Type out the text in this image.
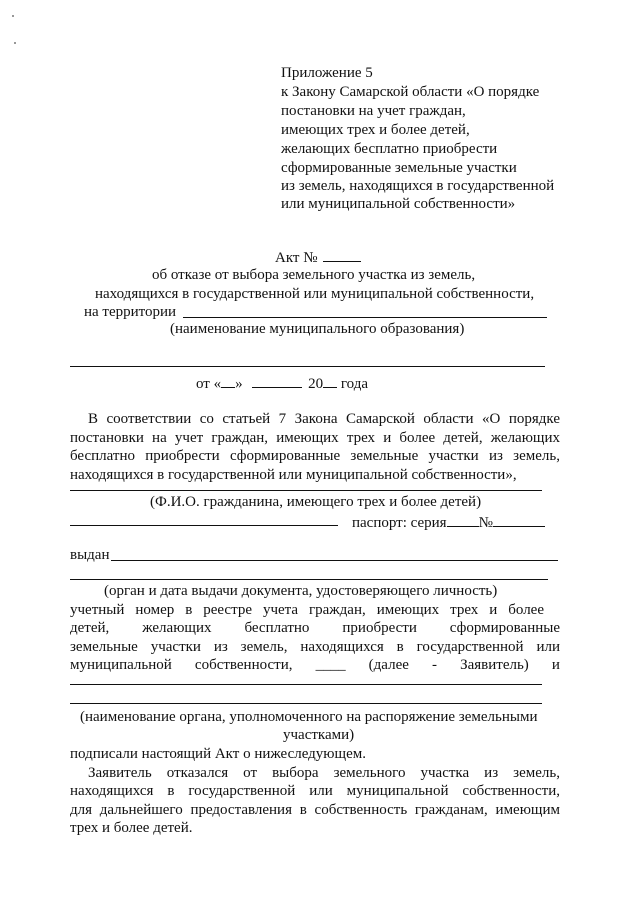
Приложение 5
к Закону Самарской области «О порядке
постановки на учет граждан,
имеющих трех и более детей,
желающих бесплатно приобрести
сформированные земельные участки
из земель, находящихся в государственной
или муниципальной собственности»
Акт №
об отказе от выбора земельного участка из земель,
находящихся в государственной или муниципальной собственности,
на территории
(наименование муниципального образования)
от « »	20 года
В соответствии со статьей 7 Закона Самарской области «О порядке
постановки на учет граждан, имеющих трех и более детей, желающих
бесплатно приобрести сформированные земельные участки из земель,
находящихся в государственной или муниципальной собственности»,
(Ф.И.О. гражданина, имеющего трех и более детей)
паспорт: серия №
выдан
(орган и дата выдачи документа, удостоверяющего личность)
учетный номер в реестре учета граждан, имеющих трех и более
детей, желающих бесплатно приобрести сформированные
земельные участки из земель, находящихся в государственной или
муниципальной собственности, ____ (далее - Заявитель) и
(наименование органа, уполномоченного на распоряжение земельными
участками)
подписали настоящий Акт о нижеследующем.
Заявитель отказался от выбора земельного участка из земель,
находящихся в государственной или муниципальной собственности,
для дальнейшего предоставления в собственность гражданам, имеющим
трех и более детей.
